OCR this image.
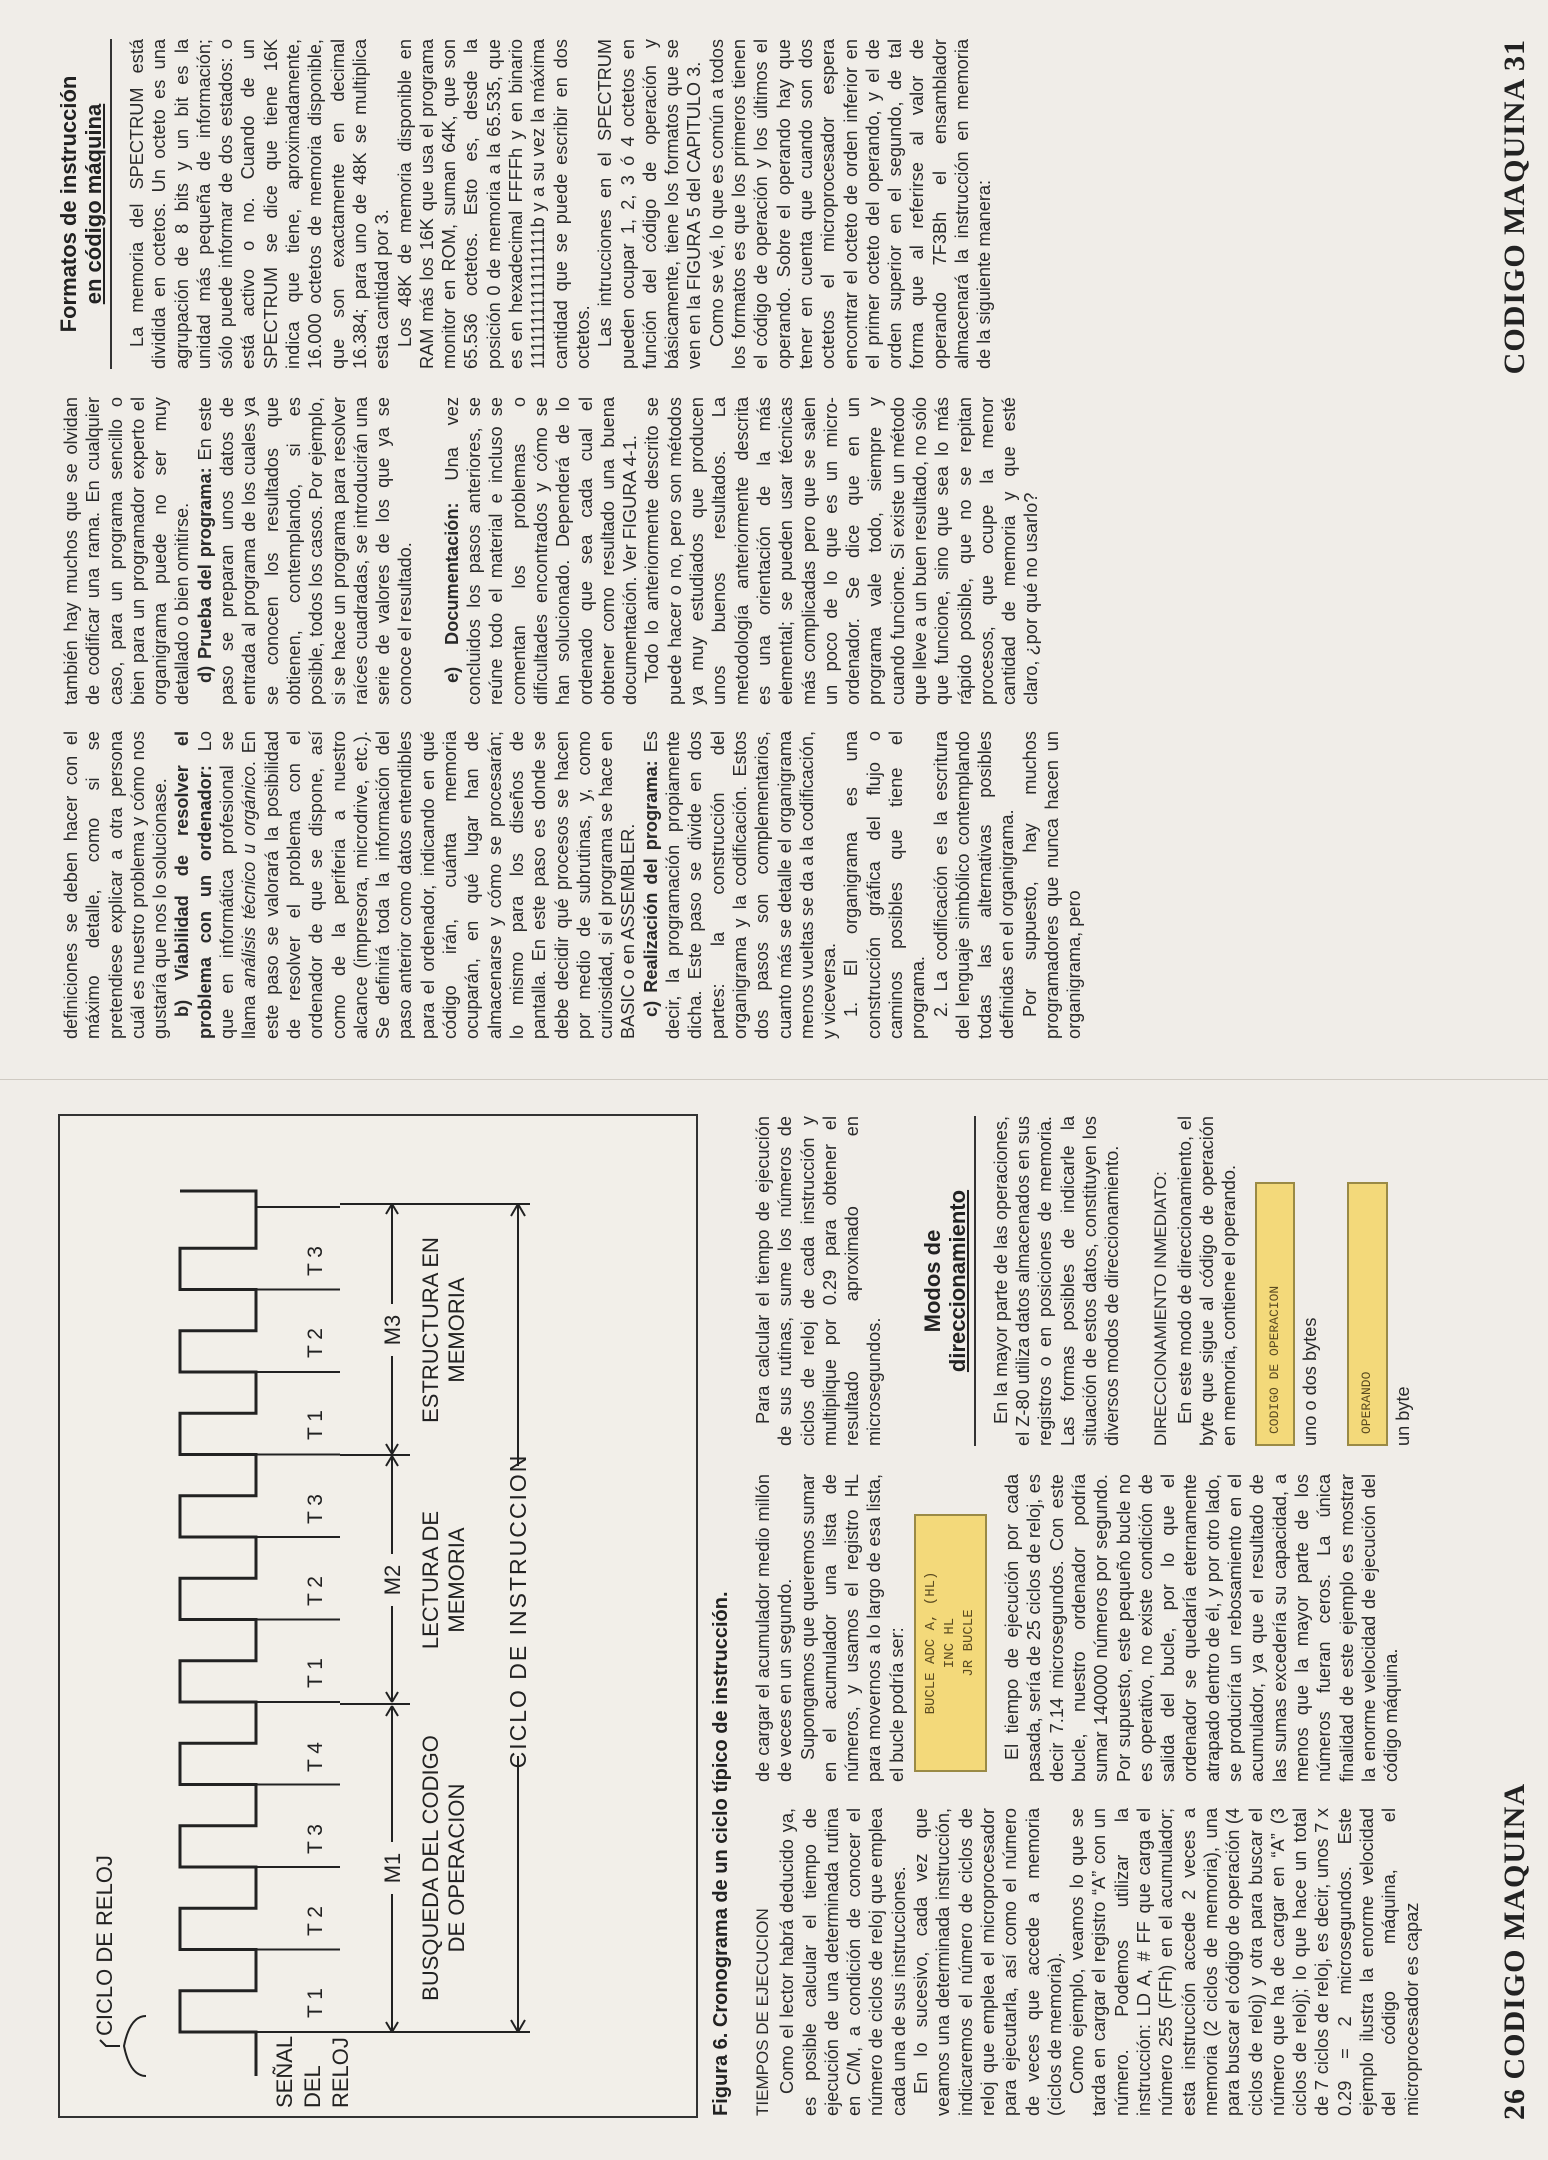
CICLO DE RELOJ
SEÑAL DEL RELOJ
T 1
T 2
T 3
T 4
T 1
T 2
T 3
T 1
T 2
T 3
M1
M2
M3
BUSQUEDA DEL CODIGO DE OPERACION
LECTURA DE MEMORIA
ESTRUCTURA EN MEMORIA
CICLO DE INSTRUCCION	Figura 6. Cronograma de un ciclo típico de instrucción. TIEMPOS DE EJECUCION Como el lector habrá deducido ya, es posible calcular el tiempo de ejecución de una determinada rutina en C/M, a condición de conocer el número de ciclos de reloj que emplea cada una de sus instrucciones. En lo sucesivo, cada vez que veamos una determinada instrucción, indicaremos el número de ciclos de reloj que emplea el microprocesador para ejecutarla, así como el número de veces que accede a memoria (ciclos de memoria). Como ejemplo, veamos lo que se tarda en cargar el registro “A” con un número. Podemos utilizar la instrucción: LD A, # FF que carga el número 255 (FFh) en el acumulador; esta instrucción accede 2 veces a memoria (2 ciclos de memoria), una para buscar el código de operación (4 ciclos de reloj) y otra para buscar el número que ha de cargar en “A” (3 ciclos de reloj); lo que hace un total de 7 ciclos de reloj, es decir, unos 7 x 0.29 = 2 microsegundos. Este ejemplo ilustra la enorme velocidad del código máquina, el microprocesador es capaz

de cargar el acumulador medio millón de veces en un segundo. Supongamos que queremos sumar en el acumulador una lista de números, y usamos el registro HL para movernos a lo largo de esa lista, el bucle podría ser: BUCLE ADC A, (HL) INC HL JR BUCLE El tiempo de ejecución por cada pasada, sería de 25 ciclos de reloj, es decir 7.14 microsegundos. Con este bucle, nuestro ordenador podría sumar 140000 números por segundo. Por supuesto, este pequeño bucle no es operativo, no existe condición de salida del bucle, por lo que el ordenador se quedaría eternamente atrapado dentro de él, y por otro lado, se produciría un rebosamiento en el acumulador, ya que el resultado de las sumas excedería su capacidad, a menos que la mayor parte de los números fueran ceros. La única finalidad de este ejemplo es mostrar la enorme velocidad de ejecución del código máquina.

Para calcular el tiempo de ejecución de sus rutinas, sume los números de ciclos de reloj de cada instrucción y multiplique por 0.29 para obtener el resultado aproximado en microsegundos.

Modos de direccionamiento En la mayor parte de las operaciones, el Z-80 utiliza datos almacenados en sus registros o en posiciones de memoria. Las formas posibles de indicarle la situación de estos datos, constituyen los diversos modos de direccionamiento. DIRECCIONAMIENTO INMEDIATO: En este modo de direccionamiento, el byte que sigue al código de operación en memoria, contiene el operando.	CODIGO DE OPERACION	uno o dos bytes	OPERANDO	un byte
26 CODIGO MAQUINA

definiciones se deben hacer con el máximo detalle, como si se pretendiese explicar a otra persona cuál es nuestro problema y cómo nos gustaría que nos lo solucionase. b) Viabilidad de resolver el problema con un ordenador: Lo que en informática profesional se llama análisis técnico u orgánico. En este paso se valorará la posibilidad de resolver el problema con el ordenador de que se dispone, así como de la periferia a nuestro alcance (impresora, microdrive, etc.). Se definirá toda la información del paso anterior como datos entendibles para el ordenador, indicando en qué código irán, cuánta memoria ocuparán, en qué lugar han de almacenarse y cómo se procesarán; lo mismo para los diseños de pantalla. En este paso es donde se debe decidir qué procesos se hacen por medio de subrutinas, y, como curiosidad, si el programa se hace en BASIC o en ASSEMBLER. c) Realización del programa: Es decir, la programación propiamente dicha. Este paso se divide en dos partes: la construcción del organigrama y la codificación. Estos dos pasos son complementarios, cuanto más se detalle el organigrama menos vueltas se da a la codificación, y viceversa. 1. El organigrama es una construcción gráfica del flujo o caminos posibles que tiene el programa. 2. La codificación es la escritura del lenguaje simbólico contemplando todas las alternativas posibles definidas en el organigrama. Por supuesto, hay muchos programadores que nunca hacen un organigrama, pero

también hay muchos que se olvidan de codificar una rama. En cualquier caso, para un programa sencillo o bien para un programador experto el organigrama puede no ser muy detallado o bien omitirse. d) Prueba del programa: En este paso se preparan unos datos de entrada al programa de los cuales ya se conocen los resultados que obtienen, contemplando, si es posible, todos los casos. Por ejemplo, si se hace un programa para resolver raíces cuadradas, se introducirán una serie de valores de los que ya se conoce el resultado. e) Documentación: Una vez concluidos los pasos anteriores, se reúne todo el material e incluso se comentan los problemas o dificultades encontrados y cómo se han solucionado. Dependerá de lo ordenado que sea cada cual el obtener como resultado una buena documentación. Ver FIGURA 4-1. Todo lo anteriormente descrito se puede hacer o no, pero son métodos ya muy estudiados que producen unos buenos resultados. La metodología anteriormente descrita es una orientación de la más elemental; se pueden usar técnicas más complicadas pero que se salen un poco de lo que es un micro-ordenador. Se dice que en un programa vale todo, siempre y cuando funcione. Si existe un método que lleve a un buen resultado, no sólo que funcione, sino que sea lo más rápido posible, que no se repitan procesos, que ocupe la menor cantidad de memoria y que esté claro, ¿por qué no usarlo?

Formatos de instrucción en código máquina La memoria del SPECTRUM está dividida en octetos. Un octeto es una agrupación de 8 bits y un bit es la unidad más pequeña de información; sólo puede informar de dos estados: o está activo o no. Cuando de un SPECTRUM se dice que tiene 16K indica que tiene, aproximadamente, 16.000 octetos de memoria disponible, que son exactamente en decimal 16.384; para uno de 48K se multiplica esta cantidad por 3. Los 48K de memoria disponible en RAM más los 16K que usa el programa monitor en ROM, suman 64K, que son 65.536 octetos. Esto es, desde la posición 0 de memoria a la 65.535, que es en hexadecimal FFFFh y en binario 1111111111111111b y a su vez la máxima cantidad que se puede escribir en dos octetos. Las intrucciones en el SPECTRUM pueden ocupar 1, 2, 3 ó 4 octetos en función del código de operación y básicamente, tiene los formatos que se ven en la FIGURA 5 del CAPITULO 3. Como se vé, lo que es común a todos los formatos es que los primeros tienen el código de operación y los últimos el operando. Sobre el operando hay que tener en cuenta que cuando son dos octetos el microprocesador espera encontrar el octeto de orden inferior en el primer octeto del operando, y el de orden superior en el segundo, de tal forma que al referirse al valor de operando 7F3Bh el ensamblador almacenará la instrucción en memoria de la siguiente manera:	CODIGO MAQUINA 31
